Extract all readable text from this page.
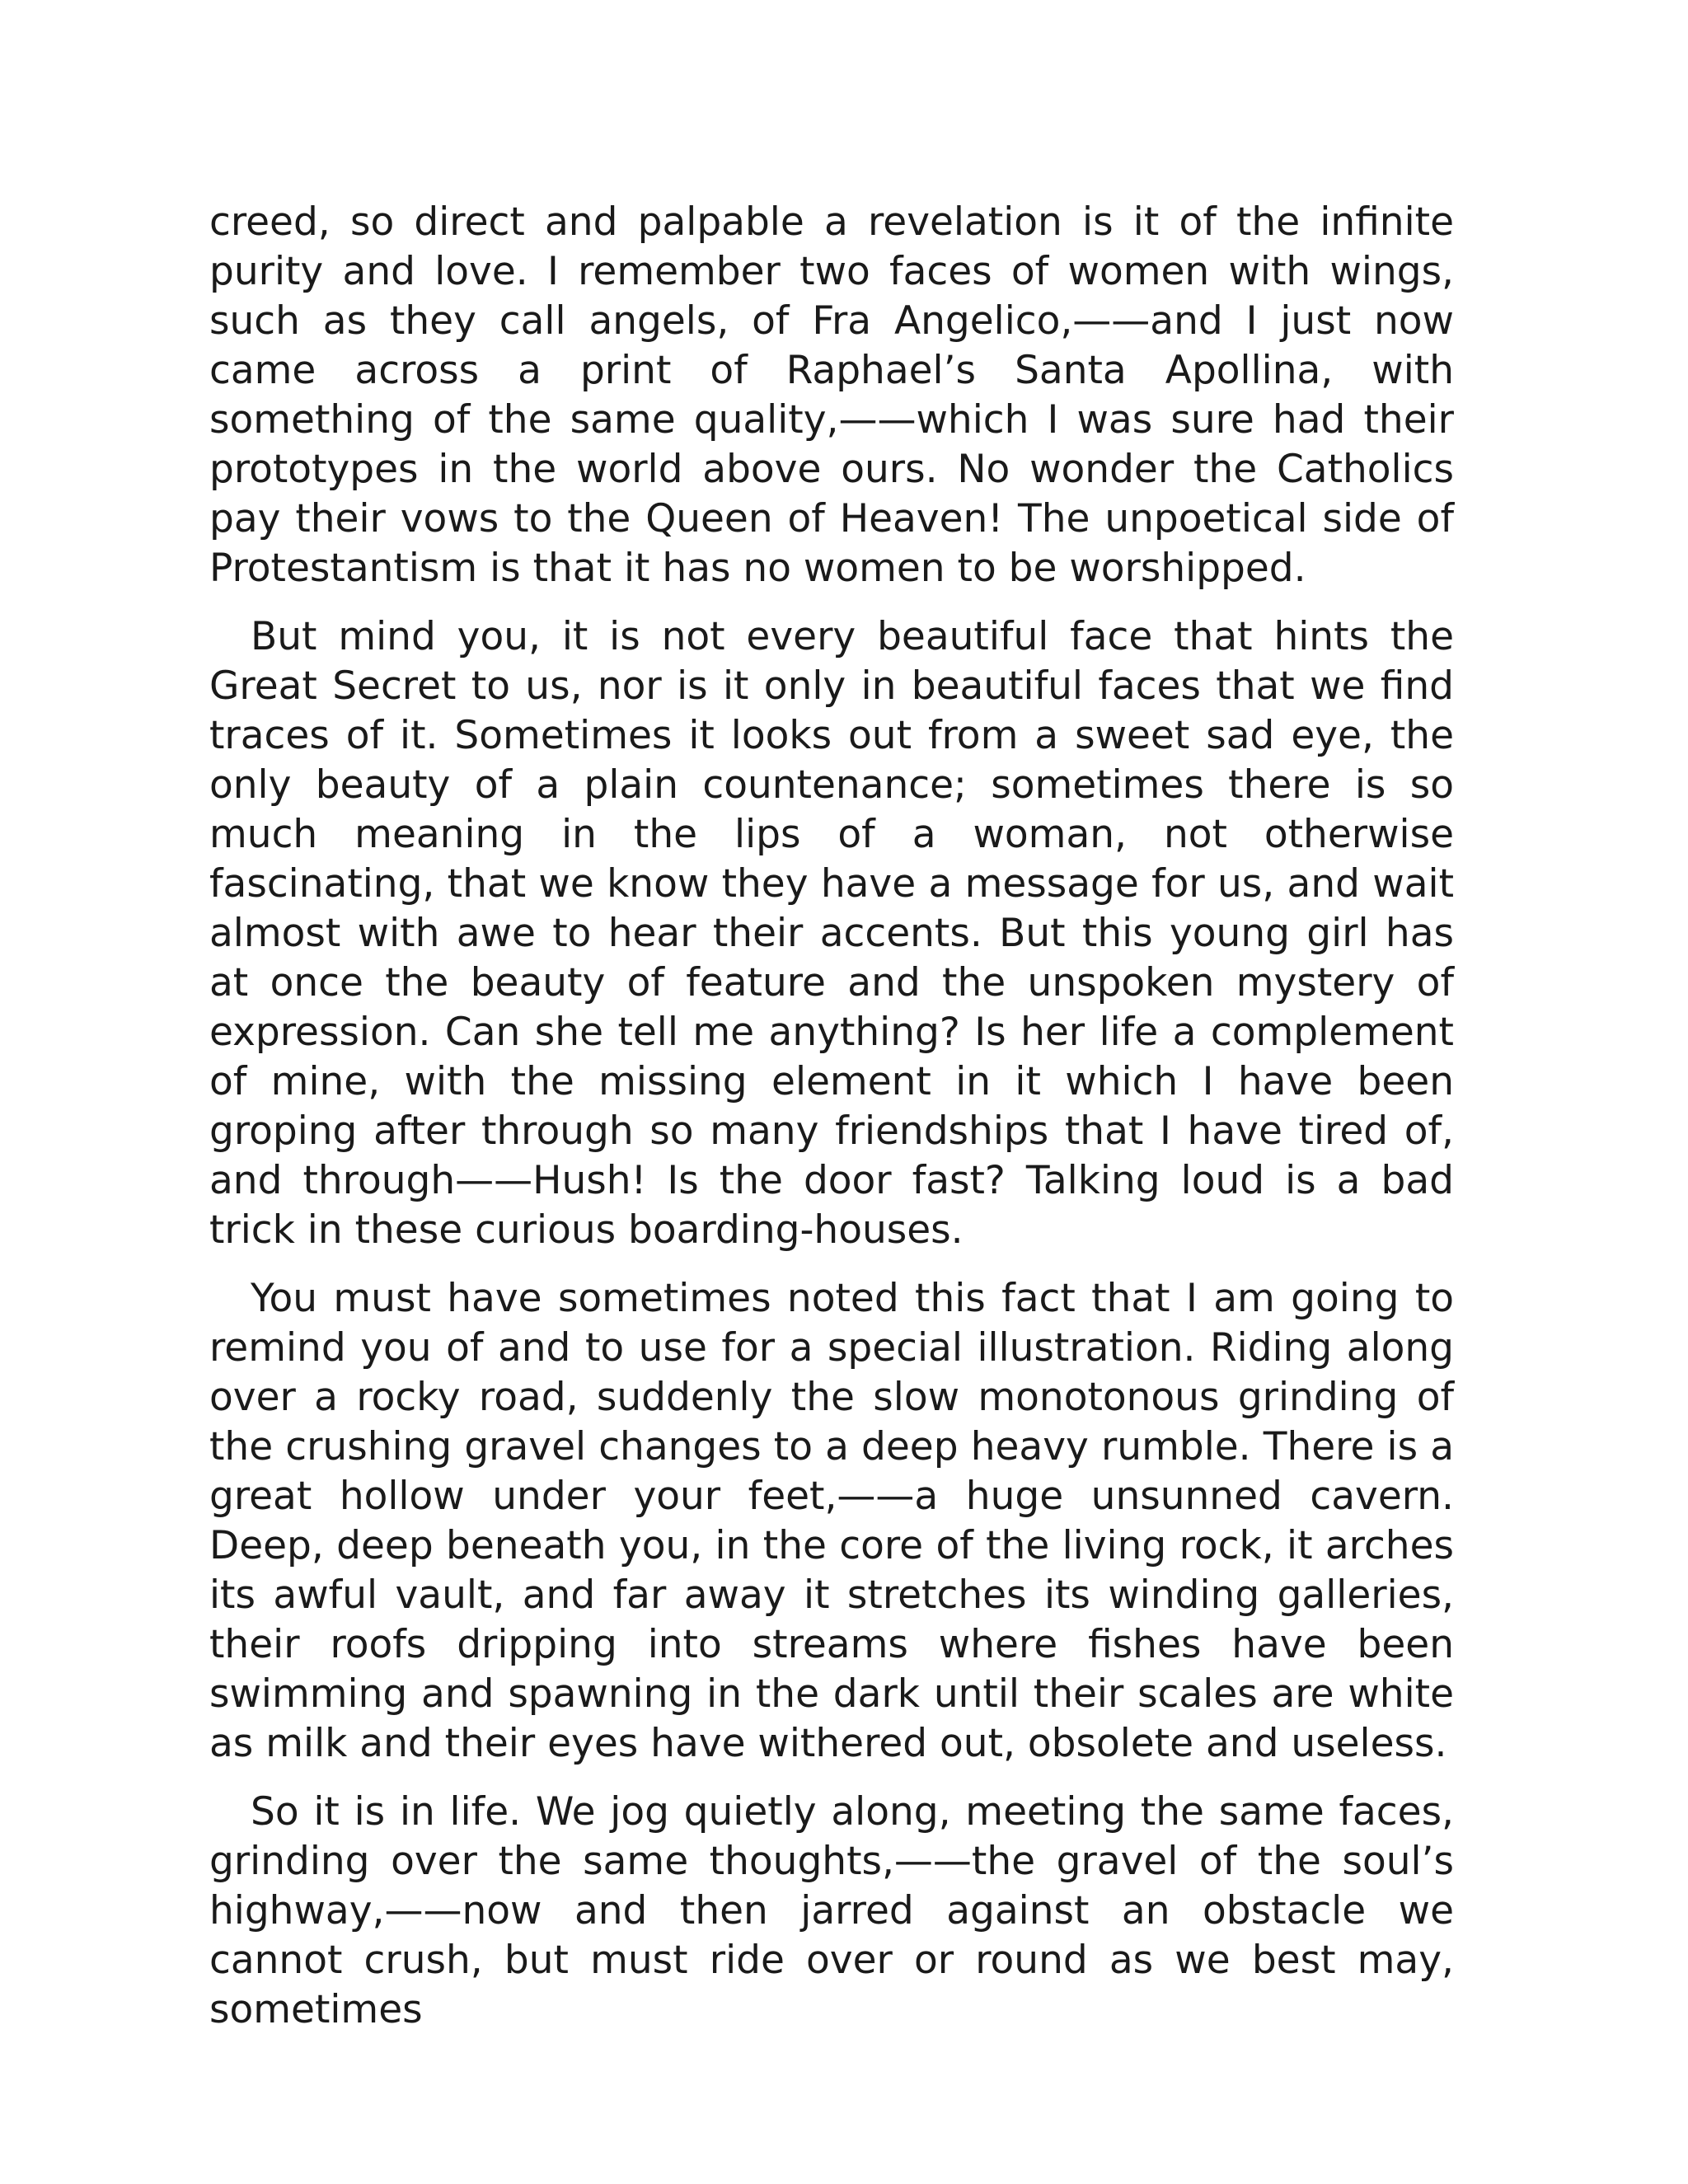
creed, so direct and palpable a revelation is it of the infinite purity and love. I remember two faces of women with wings, such as they call angels, of Fra Angelico,——and I just now came across a print of Raphael’s Santa Apollina, with something of the same quality,——which I was sure had their prototypes in the world above ours. No wonder the Catholics pay their vows to the Queen of Heaven! The unpoetical side of Protestantism is that it has no women to be worshipped.

But mind you, it is not every beautiful face that hints the Great Secret to us, nor is it only in beautiful faces that we find traces of it. Sometimes it looks out from a sweet sad eye, the only beauty of a plain countenance; sometimes there is so much meaning in the lips of a woman, not otherwise fascinating, that we know they have a message for us, and wait almost with awe to hear their accents. But this young girl has at once the beauty of feature and the unspoken mystery of expression. Can she tell me anything? Is her life a complement of mine, with the missing element in it which I have been groping after through so many friendships that I have tired of, and through——Hush! Is the door fast? Talking loud is a bad trick in these curious boarding-houses.

You must have sometimes noted this fact that I am going to remind you of and to use for a special illustration. Riding along over a rocky road, suddenly the slow monotonous grinding of the crushing gravel changes to a deep heavy rumble. There is a great hollow under your feet,——a huge unsunned cavern. Deep, deep beneath you, in the core of the living rock, it arches its awful vault, and far away it stretches its winding galleries, their roofs dripping into streams where fishes have been swimming and spawning in the dark until their scales are white as milk and their eyes have withered out, obsolete and useless.

So it is in life. We jog quietly along, meeting the same faces, grinding over the same thoughts,——the gravel of the soul’s highway,——now and then jarred against an obstacle we cannot crush, but must ride over or round as we best may, sometimes
